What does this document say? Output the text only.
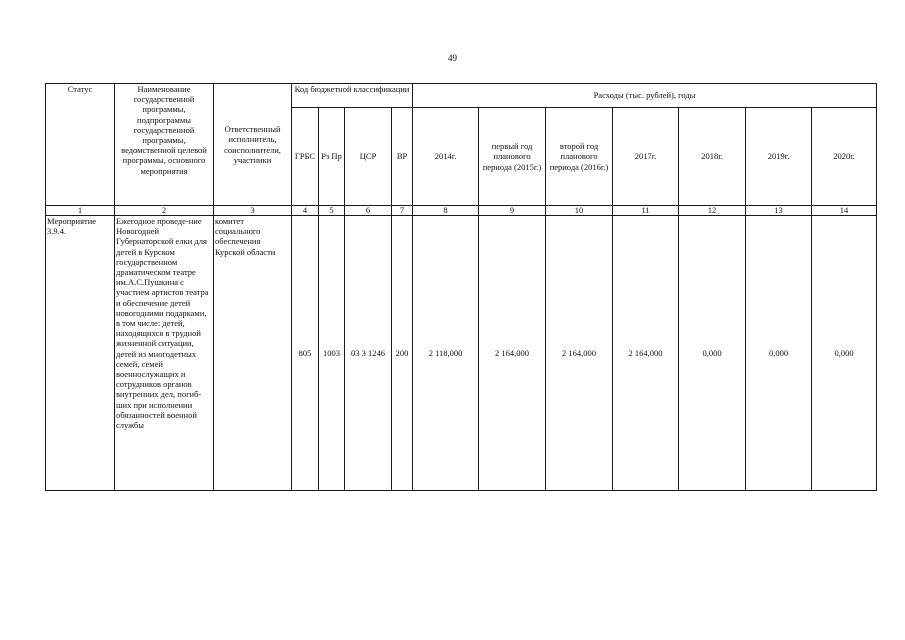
49
Статус	Наименование государственной программы, подпрограммы государственной программы, ведомственной целевой программы, основного мероприятия	Ответственный исполнитель, соисполнители, участники	Код бюджетной классификации				Расходы (тыс. рублей), годы						
			ГРБС	Рз Пр	ЦСР	ВР	2014г.	первый год планового периода (2015г.)	второй год планового периода (2016г.)	2017г.	2018г.	2019г.	2020г.
1	2	3	4	5	6	7	8	9	10	11	12	13	14
Мероприятие 3.9.4.	Ежегодное проведе-ние Новогодней Губернаторской елки для детей в Курском государственном драматическом театре им.А.С.Пушкина с участием артистов театра и обеспечение детей новогодними подарками, в том числе: детей, находящихся в трудной жизненной ситуации, детей из многодетных семей, семей военнослужащих и сотрудников органов внутренних дел, погиб-ших при исполнении обязанностей военной службы	комитет социального обеспечения Курской области	805	1003	03 3 1246	200	2 118,000	2 164,000	2 164,000	2 164,000	0,000	0,000	0,000
